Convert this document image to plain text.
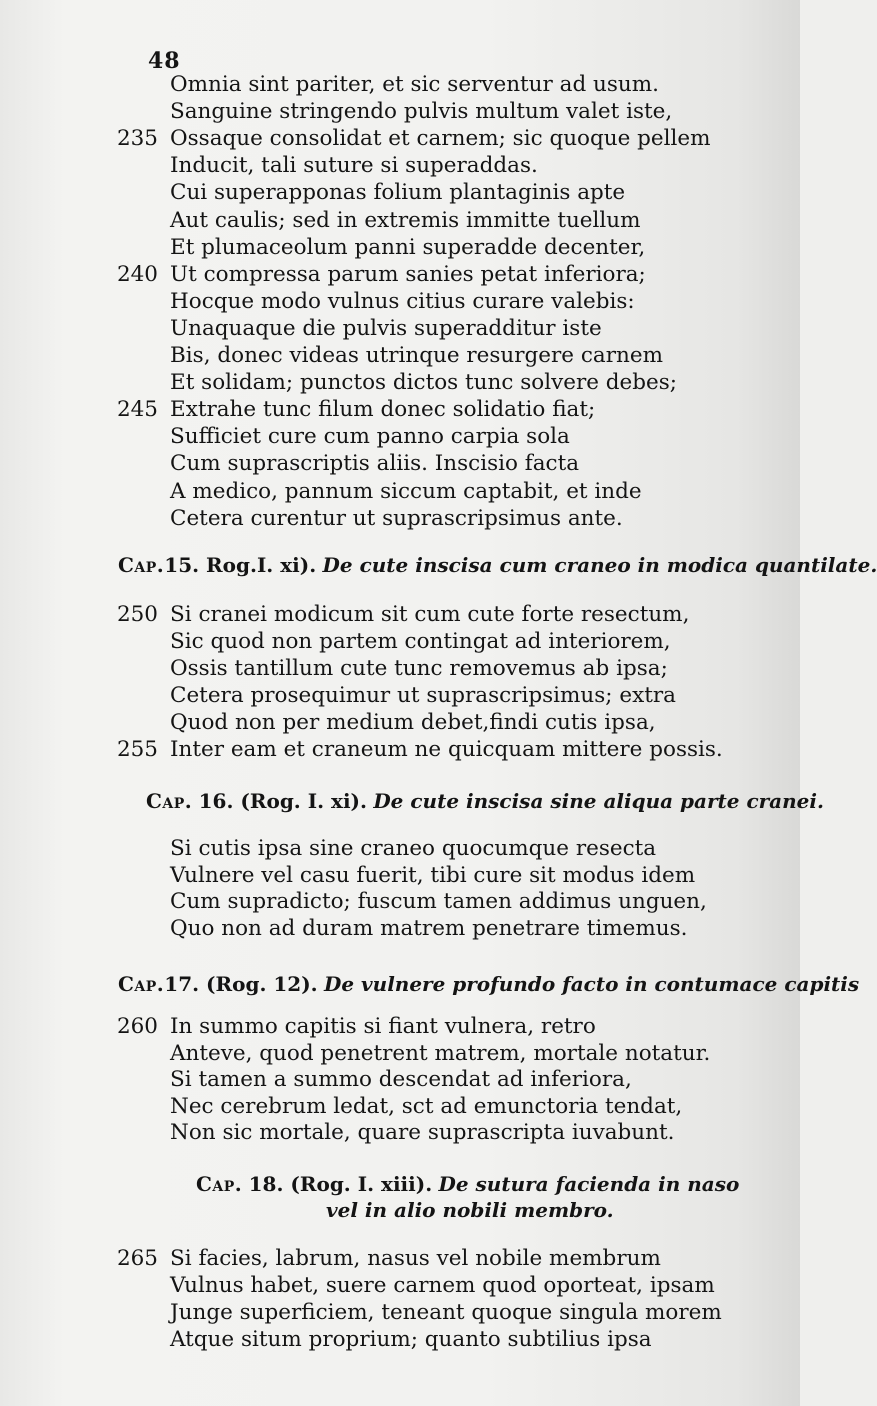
48
Omnia sint pariter, et sic serventur ad usum.
Sanguine stringendo pulvis multum valet iste,
235 Ossaque consolidat et carnem; sic quoque pellem
Inducit, tali suture si superaddas.
Cui superapponas folium plantaginis apte
Aut caulis; sed in extremis immitte tuellum
Et plumaceolum panni superadde decenter,
240 Ut compressa parum sanies petat inferiora;
Hocque modo vulnus citius curare valebis:
Unaquaque die pulvis superadditur iste
Bis, donec videas utrinque resurgere carnem
Et solidam; punctos dictos tunc solvere debes;
245 Extrahe tunc filum donec solidatio fiat;
Sufficiet cure cum panno carpia sola
Cum suprascriptis aliis. Inscisio facta
A medico, pannum siccum captabit, et inde
Cetera curentur ut suprascripsimus ante.
Cap.15. Rog.I. xi). De cute inscisa cum craneo in modica quantilate.
250 Si cranei modicum sit cum cute forte resectum,
Sic quod non partem contingat ad interiorem,
Ossis tantillum cute tunc removemus ab ipsa;
Cetera prosequimur ut suprascripsimus; extra
Quod non per medium debet,findi cutis ipsa,
255 Inter eam et craneum ne quicquam mittere possis.
Cap. 16. (Rog. I. xi). De cute inscisa sine aliqua parte cranei.
Si cutis ipsa sine craneo quocumque resecta
Vulnere vel casu fuerit, tibi cure sit modus idem
Cum supradicto; fuscum tamen addimus unguen,
Quo non ad duram matrem penetrare timemus.
Cap.17. (Rog. 12). De vulnere profundo facto in contumace capitis
260 In summo capitis si fiant vulnera, retro
Anteve, quod penetrent matrem, mortale notatur.
Si tamen a summo descendat ad inferiora,
Nec cerebrum ledat, sct ad emunctoria tendat,
Non sic mortale, quare suprascripta iuvabunt.
Cap. 18. (Rog. I. xiii). De sutura facienda in naso
vel in alio nobili membro.
265 Si facies, labrum, nasus vel nobile membrum
Vulnus habet, suere carnem quod oporteat, ipsam
Junge superficiem, teneant quoque singula morem
Atque situm proprium; quanto subtilius ipsa
